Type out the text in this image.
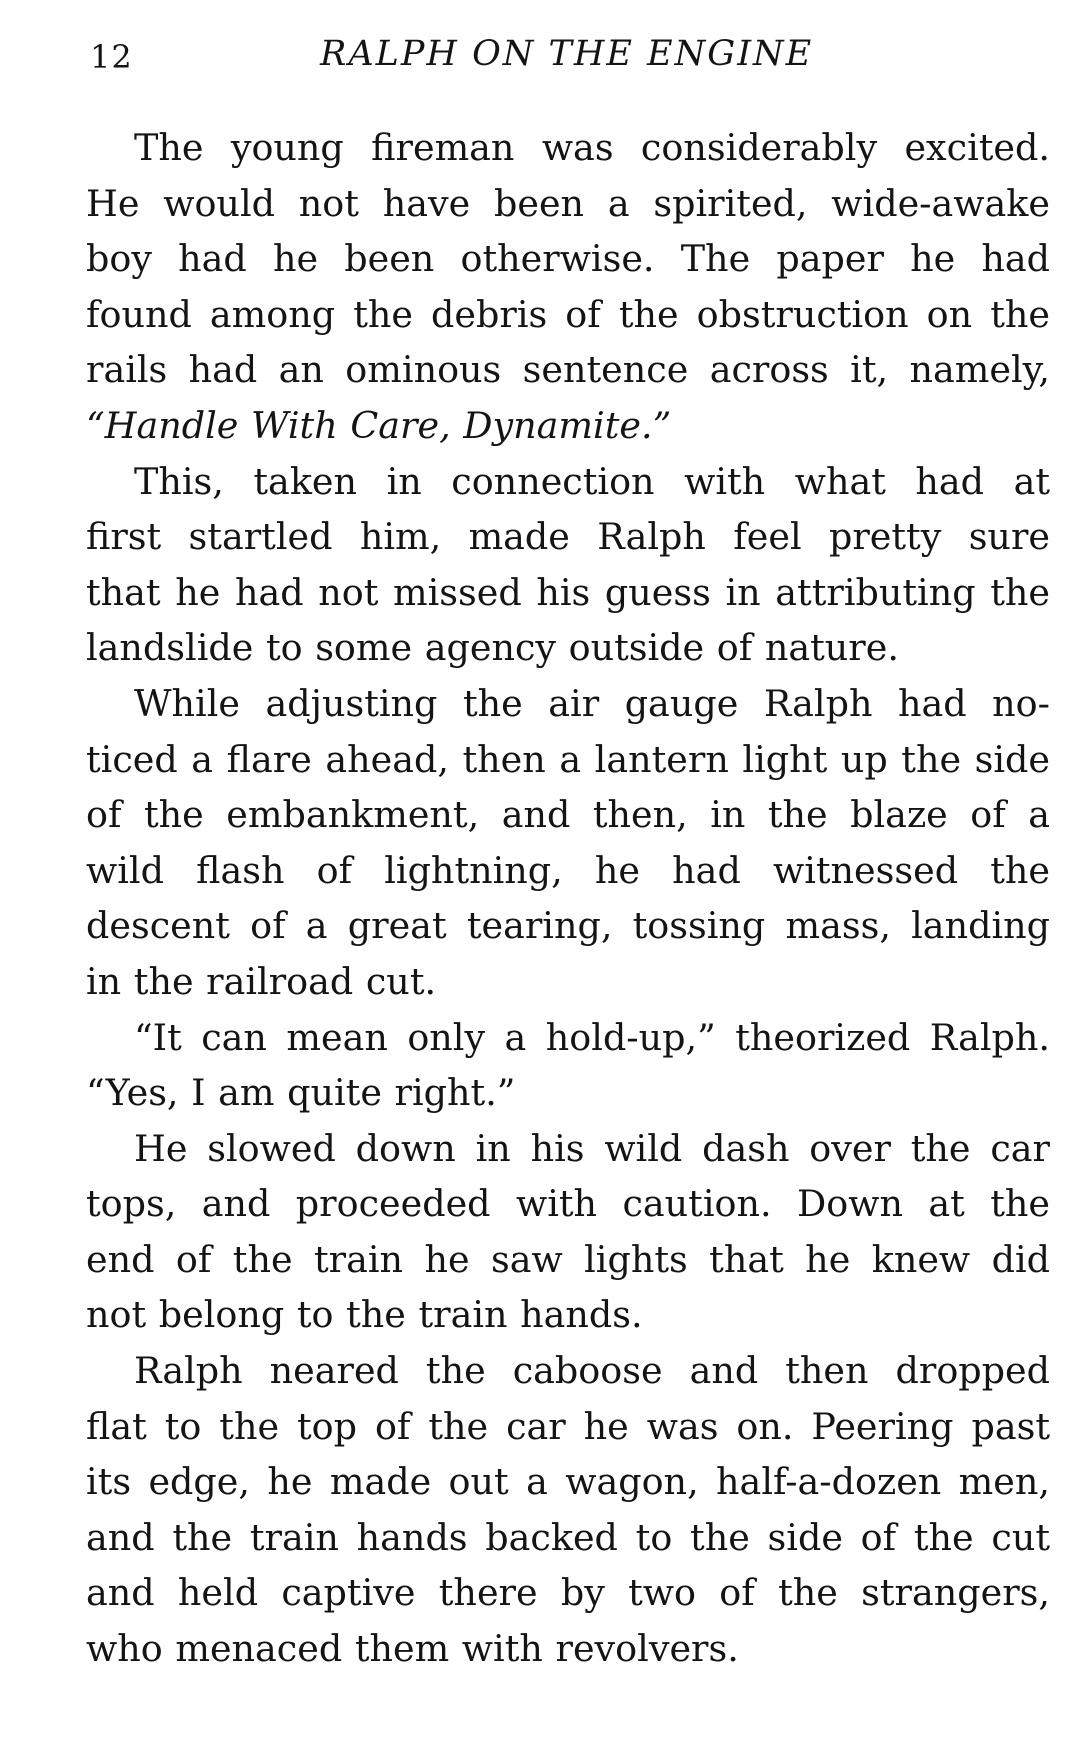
12	RALPH ON THE ENGINE
The young fireman was considerably excited.
He would not have been a spirited, wide-awake
boy had he been otherwise. The paper he had
found among the debris of the obstruction on the
rails had an ominous sentence across it, namely,
“Handle With Care, Dynamite.”
This, taken in connection with what had at
first startled him, made Ralph feel pretty sure
that he had not missed his guess in attributing the
landslide to some agency outside of nature.
While adjusting the air gauge Ralph had no-
ticed a flare ahead, then a lantern light up the side
of the embankment, and then, in the blaze of a
wild flash of lightning, he had witnessed the
descent of a great tearing, tossing mass, landing
in the railroad cut.
“It can mean only a hold-up,” theorized Ralph.
“Yes, I am quite right.”
He slowed down in his wild dash over the car
tops, and proceeded with caution. Down at the
end of the train he saw lights that he knew did
not belong to the train hands.
Ralph neared the caboose and then dropped
flat to the top of the car he was on. Peering past
its edge, he made out a wagon, half-a-dozen men,
and the train hands backed to the side of the cut
and held captive there by two of the strangers,
who menaced them with revolvers.
